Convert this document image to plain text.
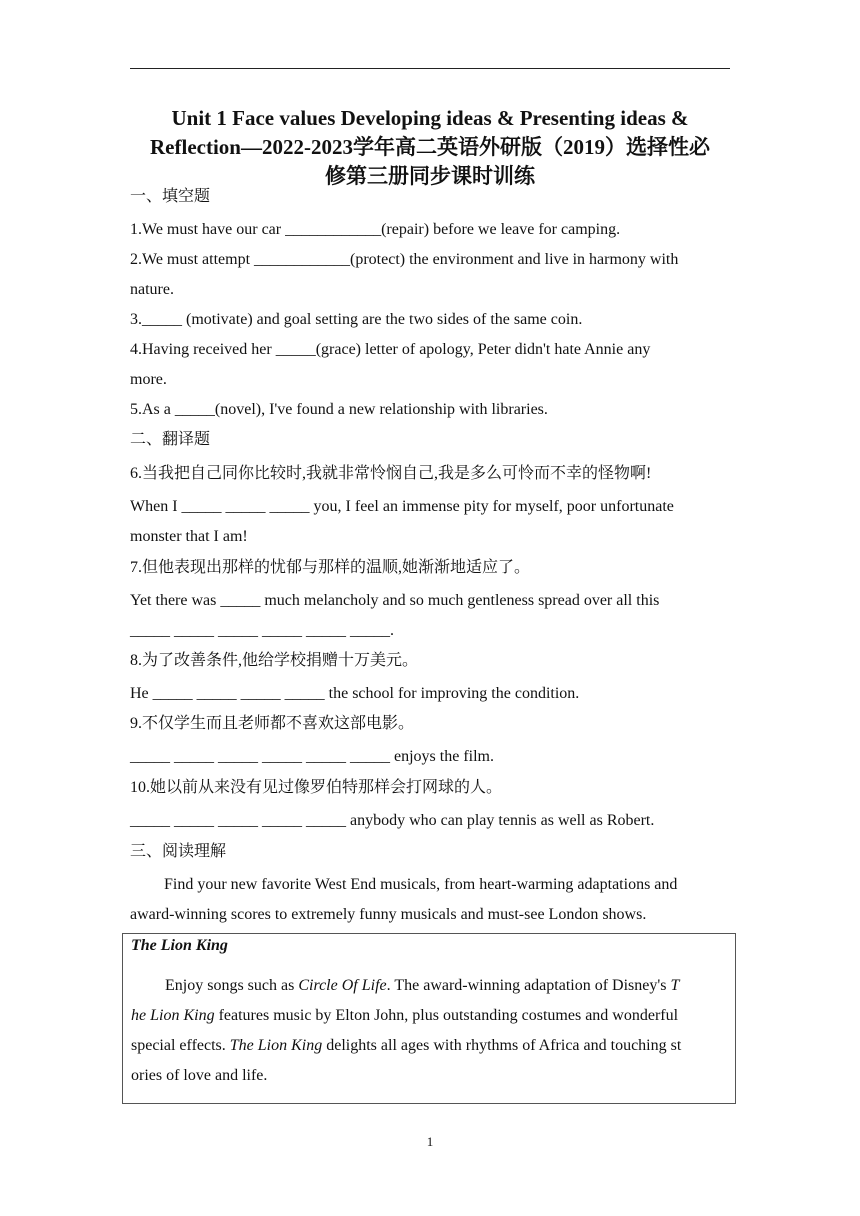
Unit 1 Face values Developing ideas & Presenting ideas &
Reflection—2022-2023学年高二英语外研版（2019）选择性必
修第三册同步课时训练
一、填空题
1.We must have our car ____________(repair) before we leave for camping.
2.We must attempt ____________(protect) the environment and live in harmony with
nature.
3._____ (motivate) and goal setting are the two sides of the same coin.
4.Having received her _____(grace) letter of apology, Peter didn't hate Annie any
more.
5.As a _____(novel), I've found a new relationship with libraries.
二、翻译题
6.当我把自己同你比较时,我就非常怜悯自己,我是多么可怜而不幸的怪物啊!
When I _____ _____ _____ you, I feel an immense pity for myself, poor unfortunate
monster that I am!
7.但他表现出那样的忧郁与那样的温顺,她渐渐地适应了。
Yet there was _____ much melancholy and so much gentleness spread over all this
_____ _____ _____ _____ _____ _____.
8.为了改善条件,他给学校捐赠十万美元。
He _____ _____ _____ _____ the school for improving the condition.
9.不仅学生而且老师都不喜欢这部电影。
_____ _____ _____ _____ _____ _____ enjoys the film.
10.她以前从来没有见过像罗伯特那样会打网球的人。
_____ _____ _____ _____ _____ anybody who can play tennis as well as Robert.
三、阅读理解
Find your new favorite West End musicals, from heart-warming adaptations and
award-winning scores to extremely funny musicals and must-see London shows.
The Lion King
Enjoy songs such as Circle Of Life. The award-winning adaptation of Disney's T
he Lion King features music by Elton John, plus outstanding costumes and wonderful
special effects. The Lion King delights all ages with rhythms of Africa and touching st
ories of love and life.
1
